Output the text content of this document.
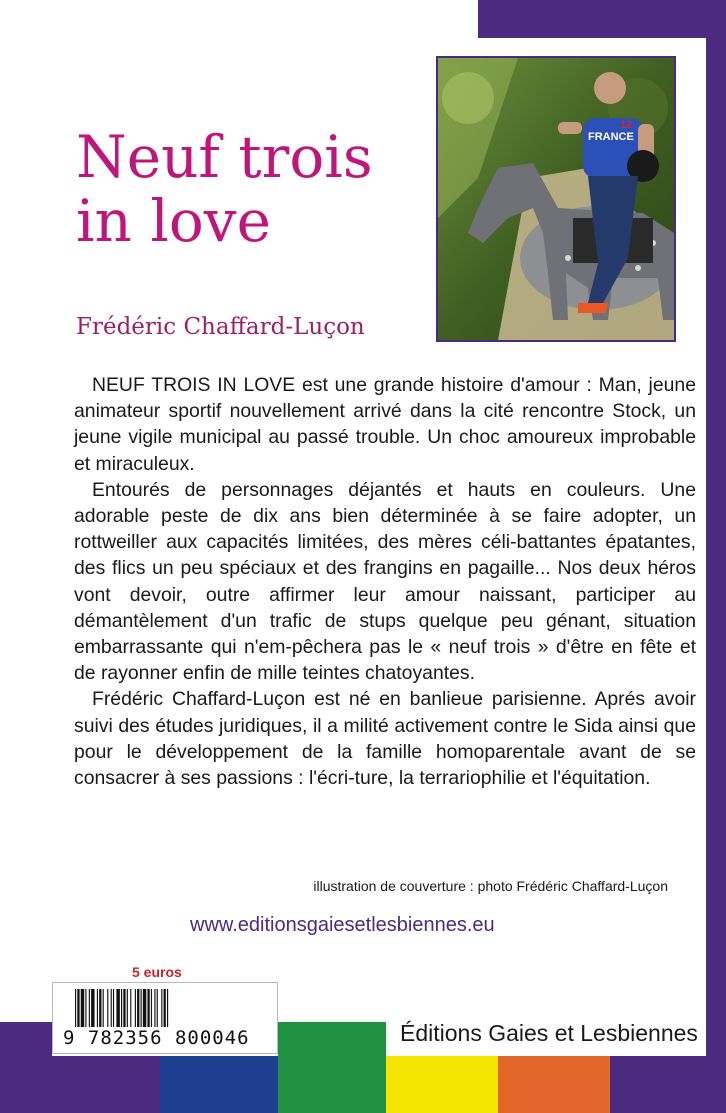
Neuf trois
in love
Frédéric Chaffard-Luçon
FRANCE
12

NEUF TROIS IN LOVE est une grande histoire d'amour : Man, jeune animateur sportif nouvellement arrivé dans la cité rencontre Stock, un jeune vigile municipal au passé trouble. Un choc amoureux improbable et miraculeux.

Entourés de personnages déjantés et hauts en couleurs. Une adorable peste de dix ans bien déterminée à se faire adopter, un rottweiller aux capacités limitées, des mères céli-battantes épatantes, des flics un peu spéciaux et des frangins en pagaille... Nos deux héros vont devoir, outre affirmer leur amour naissant, participer au démantèlement d'un trafic de stups quelque peu génant, situation embarrassante qui n'em-pêchera pas le « neuf trois » d'être en fête et de rayonner enfin de mille teintes chatoyantes.

Frédéric Chaffard-Luçon est né en banlieue parisienne. Aprés avoir suivi des études juridiques, il a milité activement contre le Sida ainsi que pour le développement de la famille homoparentale avant de se consacrer à ses passions : l'écri-ture, la terrariophilie et l'équitation.

illustration de couverture : photo Frédéric Chaffard-Luçon
www.editionsgaiesetlesbiennes.eu
5 euros
9 782356 800046	Éditions Gaies et Lesbiennes
